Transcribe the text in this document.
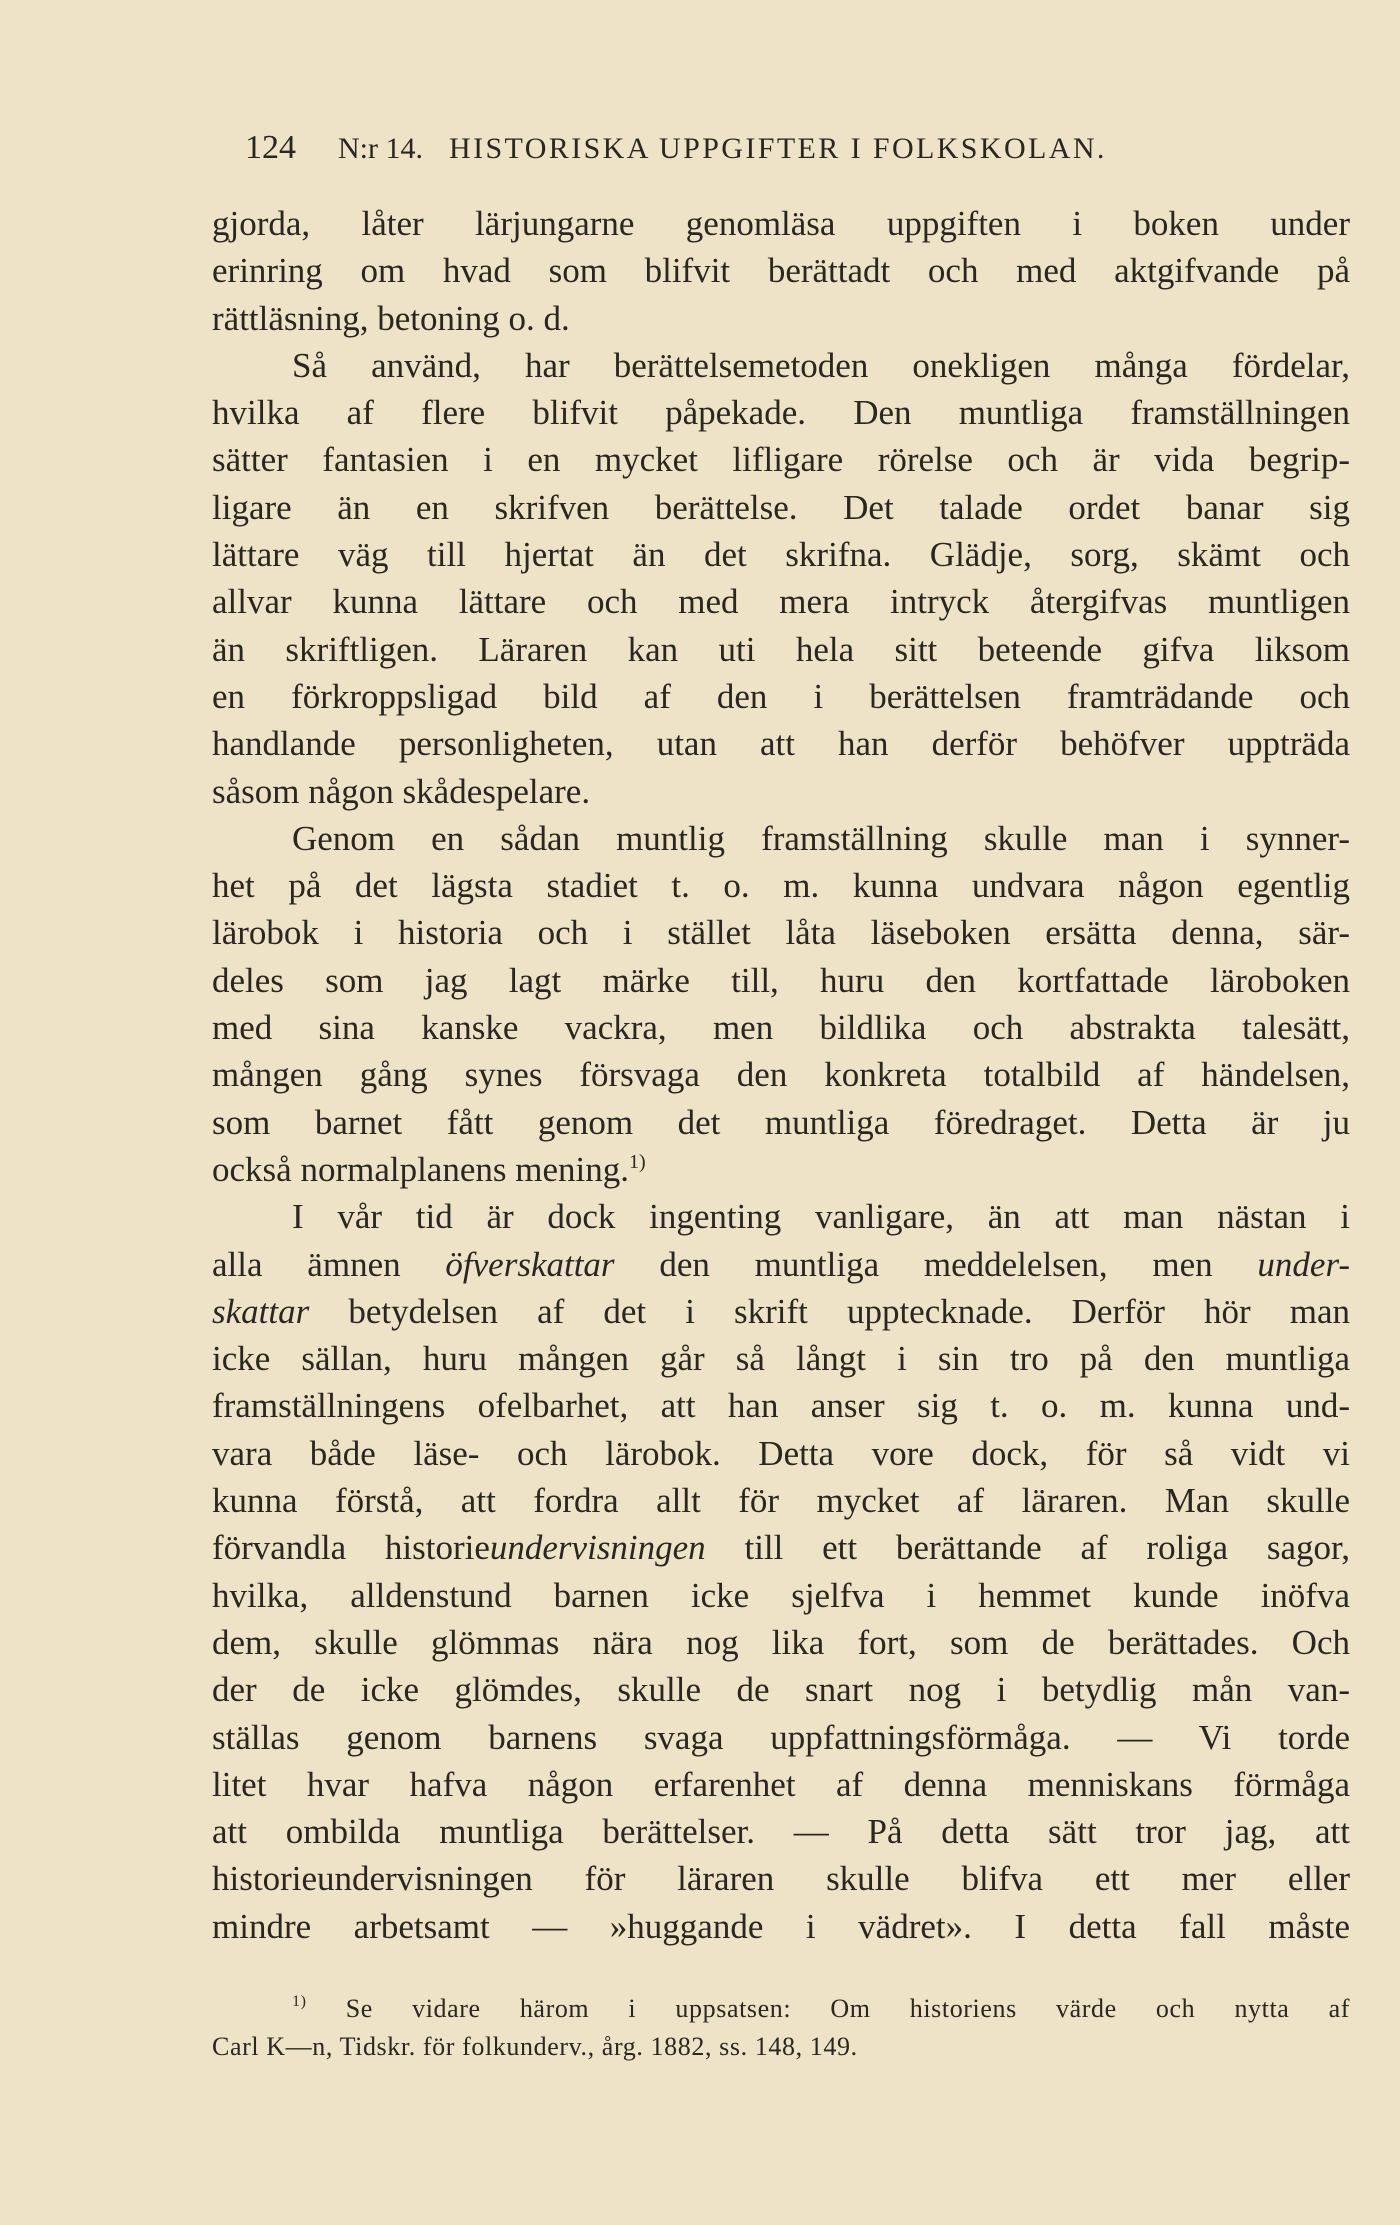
124 N:r 14. HISTORISKA UPPGIFTER I FOLKSKOLAN.
gjorda, låter lärjungarne genomläsa uppgiften i boken under
erinring om hvad som blifvit berättadt och med aktgifvande på
rättläsning, betoning o. d.
Så använd, har berättelsemetoden onekligen många fördelar,
hvilka af flere blifvit påpekade. Den muntliga framställningen
sätter fantasien i en mycket lifligare rörelse och är vida begrip-
ligare än en skrifven berättelse. Det talade ordet banar sig
lättare väg till hjertat än det skrifna. Glädje, sorg, skämt och
allvar kunna lättare och med mera intryck återgifvas muntligen
än skriftligen. Läraren kan uti hela sitt beteende gifva liksom
en förkroppsligad bild af den i berättelsen framträdande och
handlande personligheten, utan att han derför behöfver uppträda
såsom någon skådespelare.
Genom en sådan muntlig framställning skulle man i synner-
het på det lägsta stadiet t. o. m. kunna undvara någon egentlig
lärobok i historia och i stället låta läseboken ersätta denna, sär-
deles som jag lagt märke till, huru den kortfattade läroboken
med sina kanske vackra, men bildlika och abstrakta talesätt,
mången gång synes försvaga den konkreta totalbild af händelsen,
som barnet fått genom det muntliga föredraget. Detta är ju
också normalplanens mening.$^{1)}$
I vår tid är dock ingenting vanligare, än att man nästan i
alla ämnen öfverskattar den muntliga meddelelsen, men under-
skattar betydelsen af det i skrift upptecknade. Derför hör man
icke sällan, huru mången går så långt i sin tro på den muntliga
framställningens ofelbarhet, att han anser sig t. o. m. kunna und-
vara både läse- och lärobok. Detta vore dock, för så vidt vi
kunna förstå, att fordra allt för mycket af läraren. Man skulle
förvandla historieundervisningen till ett berättande af roliga sagor,
hvilka, alldenstund barnen icke sjelfva i hemmet kunde inöfva
dem, skulle glömmas nära nog lika fort, som de berättades. Och
der de icke glömdes, skulle de snart nog i betydlig mån van-
ställas genom barnens svaga uppfattningsförmåga. — Vi torde
litet hvar hafva någon erfarenhet af denna menniskans förmåga
att ombilda muntliga berättelser. — På detta sätt tror jag, att
historieundervisningen för läraren skulle blifva ett mer eller
mindre arbetsamt — »huggande i vädret». I detta fall måste
$^{1)}$ Se vidare härom i uppsatsen: Om historiens värde och nytta af
Carl K—n, Tidskr. för folkunderv., årg. 1882, ss. 148, 149.
